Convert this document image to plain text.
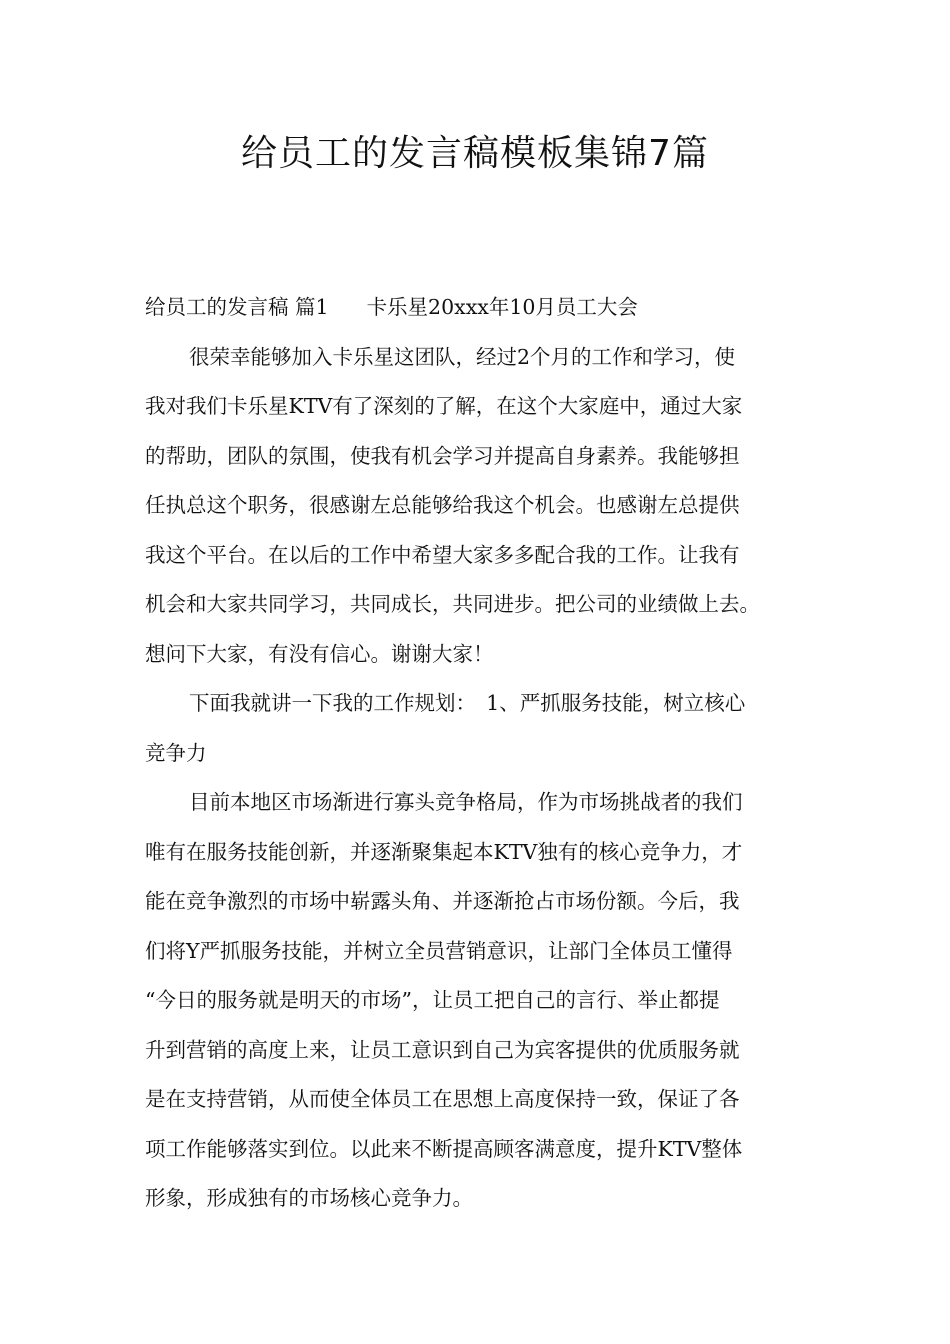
给员工的发言稿模板集锦7篇

给员工的发言稿 篇1 卡乐星20xxx年10月员工大会

很荣幸能够加入卡乐星这团队，经过2个月的工作和学习，使

我对我们卡乐星KTV有了深刻的了解，在这个大家庭中，通过大家

的帮助，团队的氛围，使我有机会学习并提高自身素养。我能够担

任执总这个职务，很感谢左总能够给我这个机会。也感谢左总提供

我这个平台。在以后的工作中希望大家多多配合我的工作。让我有

机会和大家共同学习，共同成长，共同进步。把公司的业绩做上去。

想问下大家，有没有信心。谢谢大家！

下面我就讲一下我的工作规划：　1、严抓服务技能，树立核心

竞争力

目前本地区市场渐进行寡头竞争格局，作为市场挑战者的我们

唯有在服务技能创新，并逐渐聚集起本KTV独有的核心竞争力，才

能在竞争激烈的市场中崭露头角、并逐渐抢占市场份额。今后，我

们将Y严抓服务技能，并树立全员营销意识，让部门全体员工懂得

“今日的服务就是明天的市场”，让员工把自己的言行、举止都提

升到营销的高度上来，让员工意识到自己为宾客提供的优质服务就

是在支持营销，从而使全体员工在思想上高度保持一致，保证了各

项工作能够落实到位。以此来不断提高顾客满意度，提升KTV整体

形象，形成独有的市场核心竞争力。
